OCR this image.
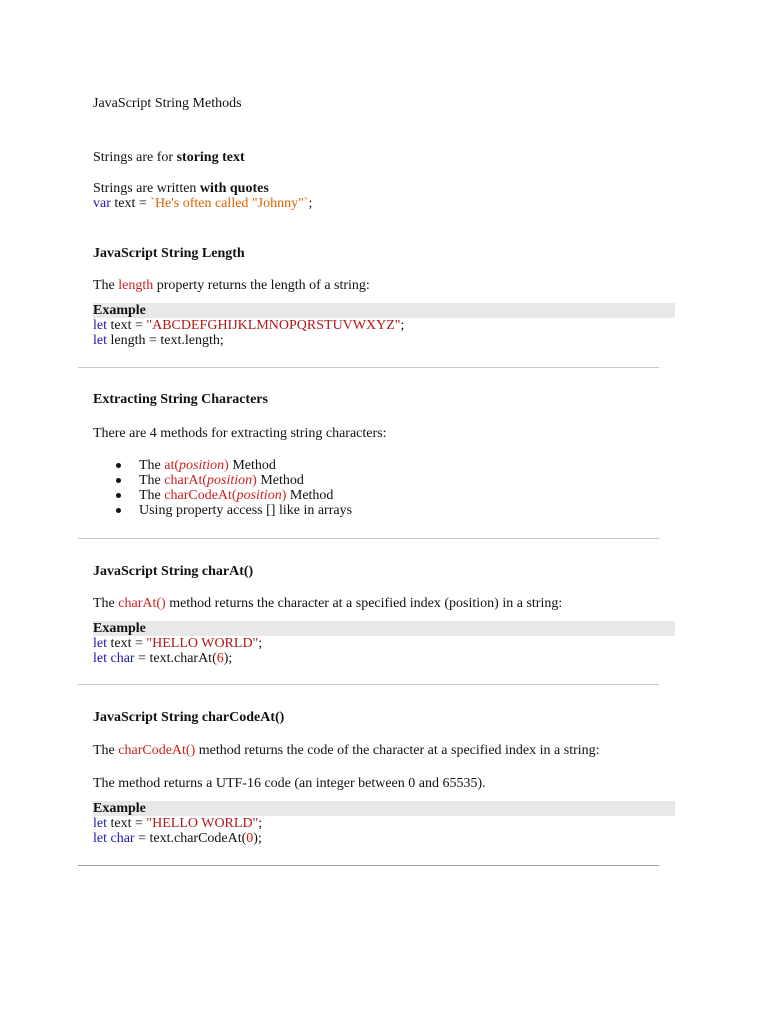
JavaScript String Methods
Strings are for storing text
Strings are written with quotes
var text = `He's often called "Johnny"`;
JavaScript String Length
The length property returns the length of a string:
Example
let text = "ABCDEFGHIJKLMNOPQRSTUVWXYZ";
let length = text.length;
Extracting String Characters
There are 4 methods for extracting string characters:
The at(position) Method
The charAt(position) Method
The charCodeAt(position) Method
Using property access [] like in arrays
JavaScript String charAt()
The charAt() method returns the character at a specified index (position) in a string:
Example
let text = "HELLO WORLD";
let char = text.charAt(6);
JavaScript String charCodeAt()
The charCodeAt() method returns the code of the character at a specified index in a string:
The method returns a UTF-16 code (an integer between 0 and 65535).
Example
let text = "HELLO WORLD";
let char = text.charCodeAt(0);
